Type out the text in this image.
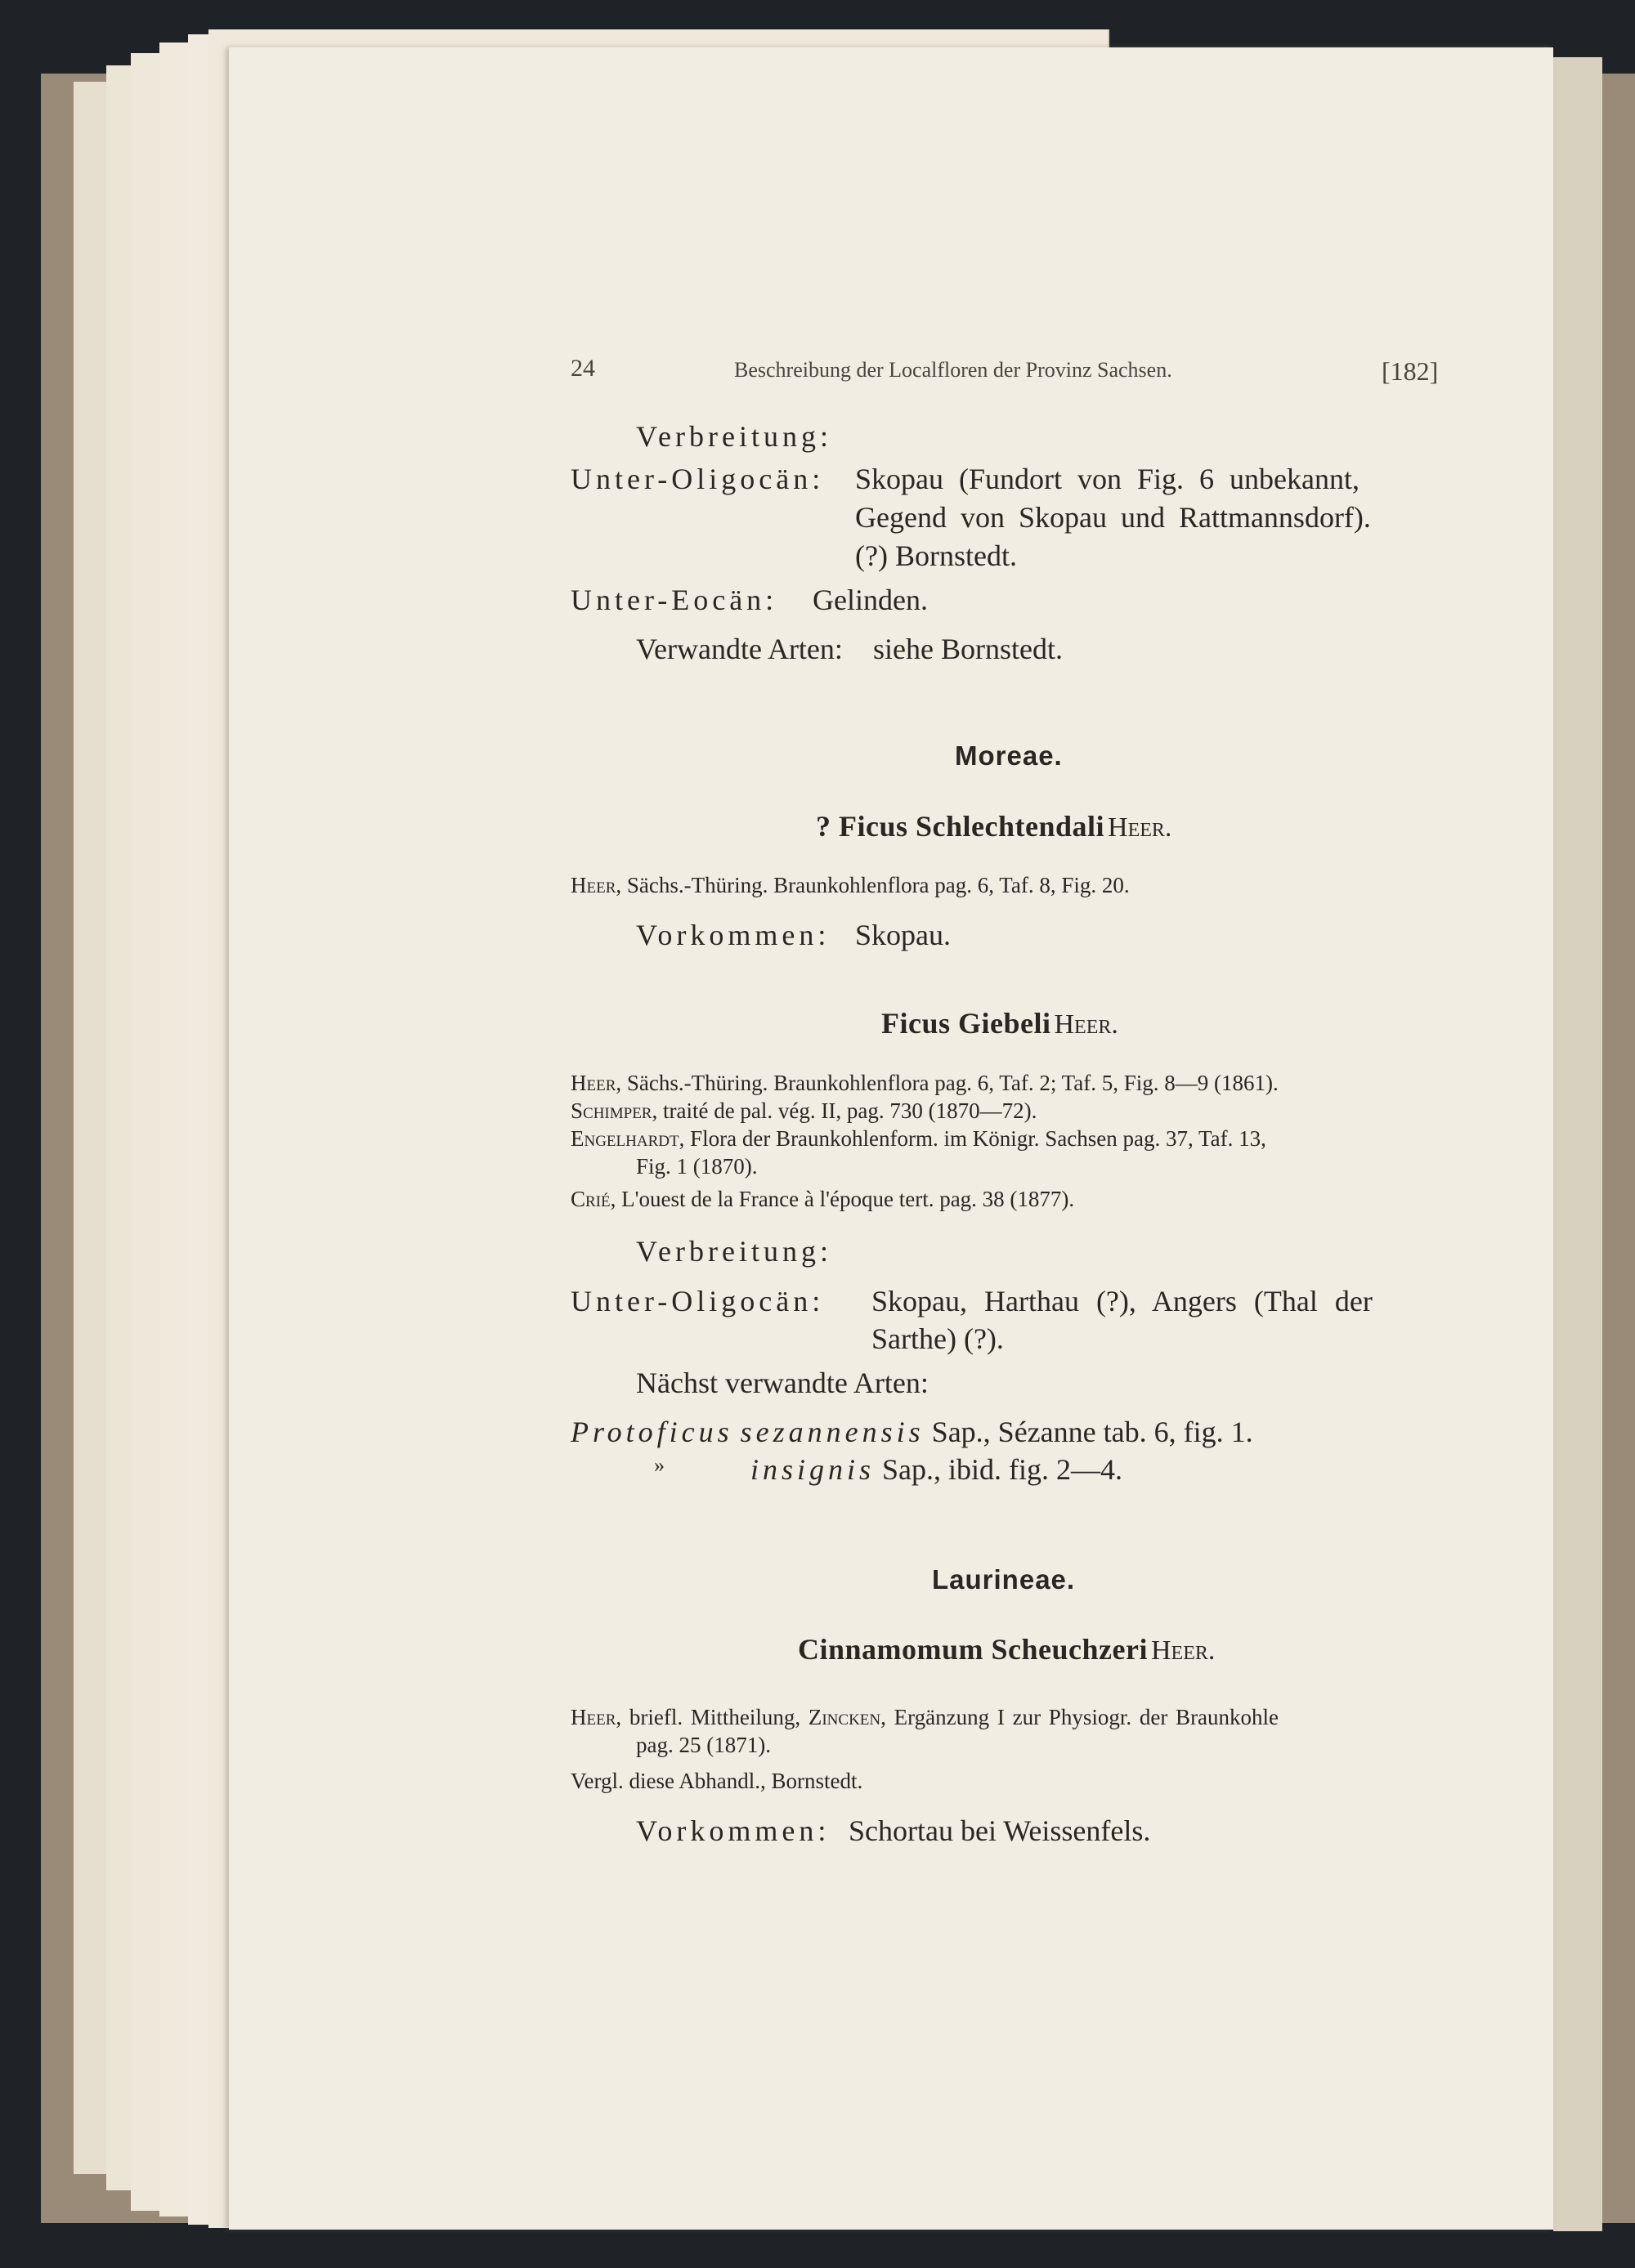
24	Beschreibung der Localfloren der Provinz Sachsen.	[182]
Verbreitung:
Unter-Oligocän: Skopau (Fundort von Fig. 6 unbekannt,
Gegend von Skopau und Rattmannsdorf).
(?) Bornstedt.
Unter-Eocän: Gelinden.
Verwandte Arten: siehe Bornstedt.
Moreae.
? Ficus Schlechtendali Heer.
Heer, Sächs.-Thüring. Braunkohlenflora pag. 6, Taf. 8, Fig. 20.
Vorkommen: Skopau.
Ficus Giebeli Heer.
Heer, Sächs.-Thüring. Braunkohlenflora pag. 6, Taf. 2; Taf. 5, Fig. 8—9 (1861).
Schimper, traité de pal. vég. II, pag. 730 (1870—72).
Engelhardt, Flora der Braunkohlenform. im Königr. Sachsen pag. 37, Taf. 13,
Fig. 1 (1870).
Crié, L'ouest de la France à l'époque tert. pag. 38 (1877).
Verbreitung:
Unter-Oligocän: Skopau, Harthau (?), Angers (Thal der
Sarthe) (?).
Nächst verwandte Arten:
Protoficus sezannensis Sap., Sézanne tab. 6, fig. 1.
»	insignis Sap., ibid. fig. 2—4.
Laurineae.
Cinnamomum Scheuchzeri Heer.
Heer, briefl. Mittheilung, Zincken, Ergänzung I zur Physiogr. der Braunkohle
pag. 25 (1871).
Vergl. diese Abhandl., Bornstedt.
Vorkommen: Schortau bei Weissenfels.
